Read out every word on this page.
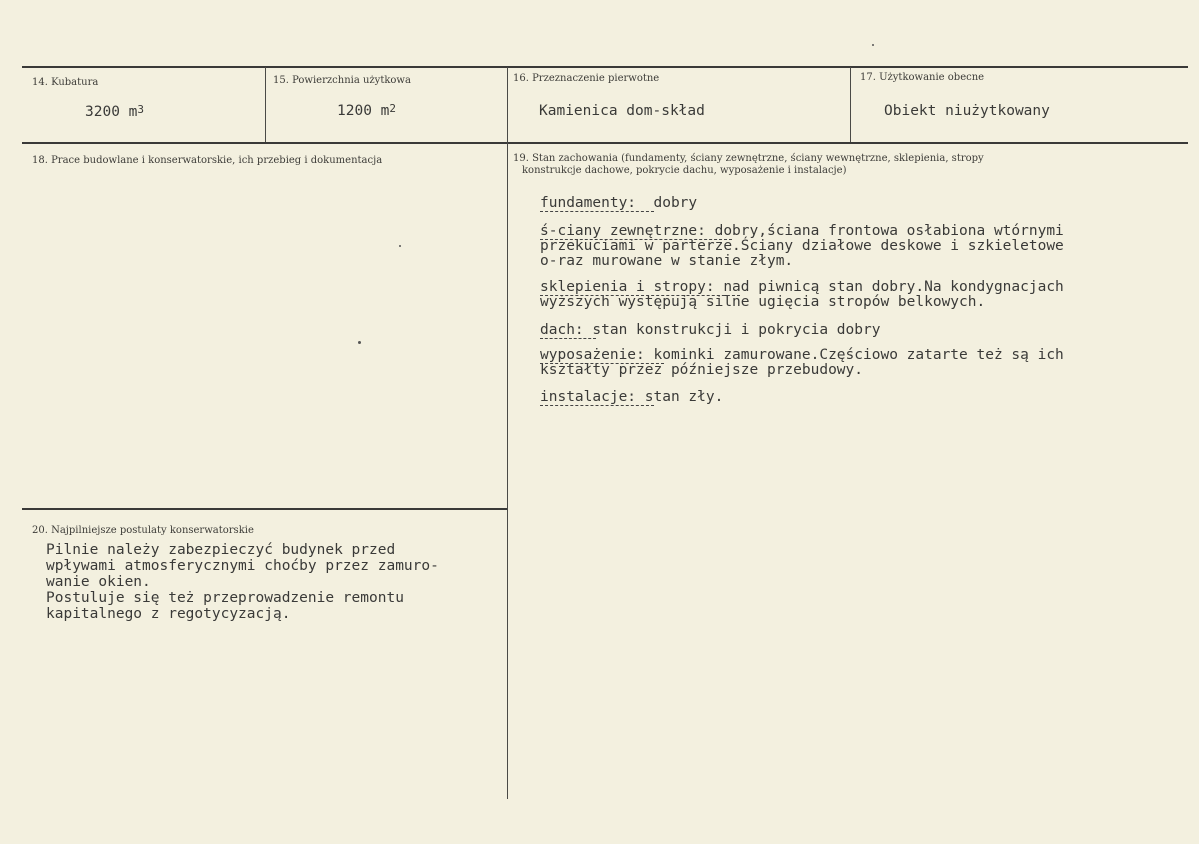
14. Kubatura
3200 $m^3$
15. Powierzchnia użytkowa
1200 $m^2$
16. Przeznaczenie pierwotne
Kamienica dom-skład
17. Użytkowanie obecne
Obiekt niużytkowany
18. Prace budowlane i konserwatorskie, ich przebieg i dokumentacja	19. Stan zachowania (fundamenty, ściany zewnętrzne, ściany wewnętrzne, sklepienia, stropy
konstrukcje dachowe, pokrycie dachu, wyposażenie i instalacje)
fundamenty:  dobry
ś-ciany zewnętrzne: dobry,ściana frontowa osłabiona wtórnymi
przekuciami w parterze.Ściany działowe deskowe i szkieletowe
o-raz murowane w stanie złym.
sklepienia i stropy: nad piwnicą stan dobry.Na kondygnacjach
wyższych występują silne ugięcia stropów belkowych.
dach: stan konstrukcji i pokrycia dobry
wyposażenie: kominki zamurowane.Częściowo zatarte też są ich
kształty przez późniejsze przebudowy.
instalacje: stan zły.
20. Najpilniejsze postulaty konserwatorskie
Pilnie należy zabezpieczyć budynek przed
wpływami atmosferycznymi choćby przez zamuro-
wanie okien.
Postuluje się też przeprowadzenie remontu
kapitalnego z regotycyzacją.
